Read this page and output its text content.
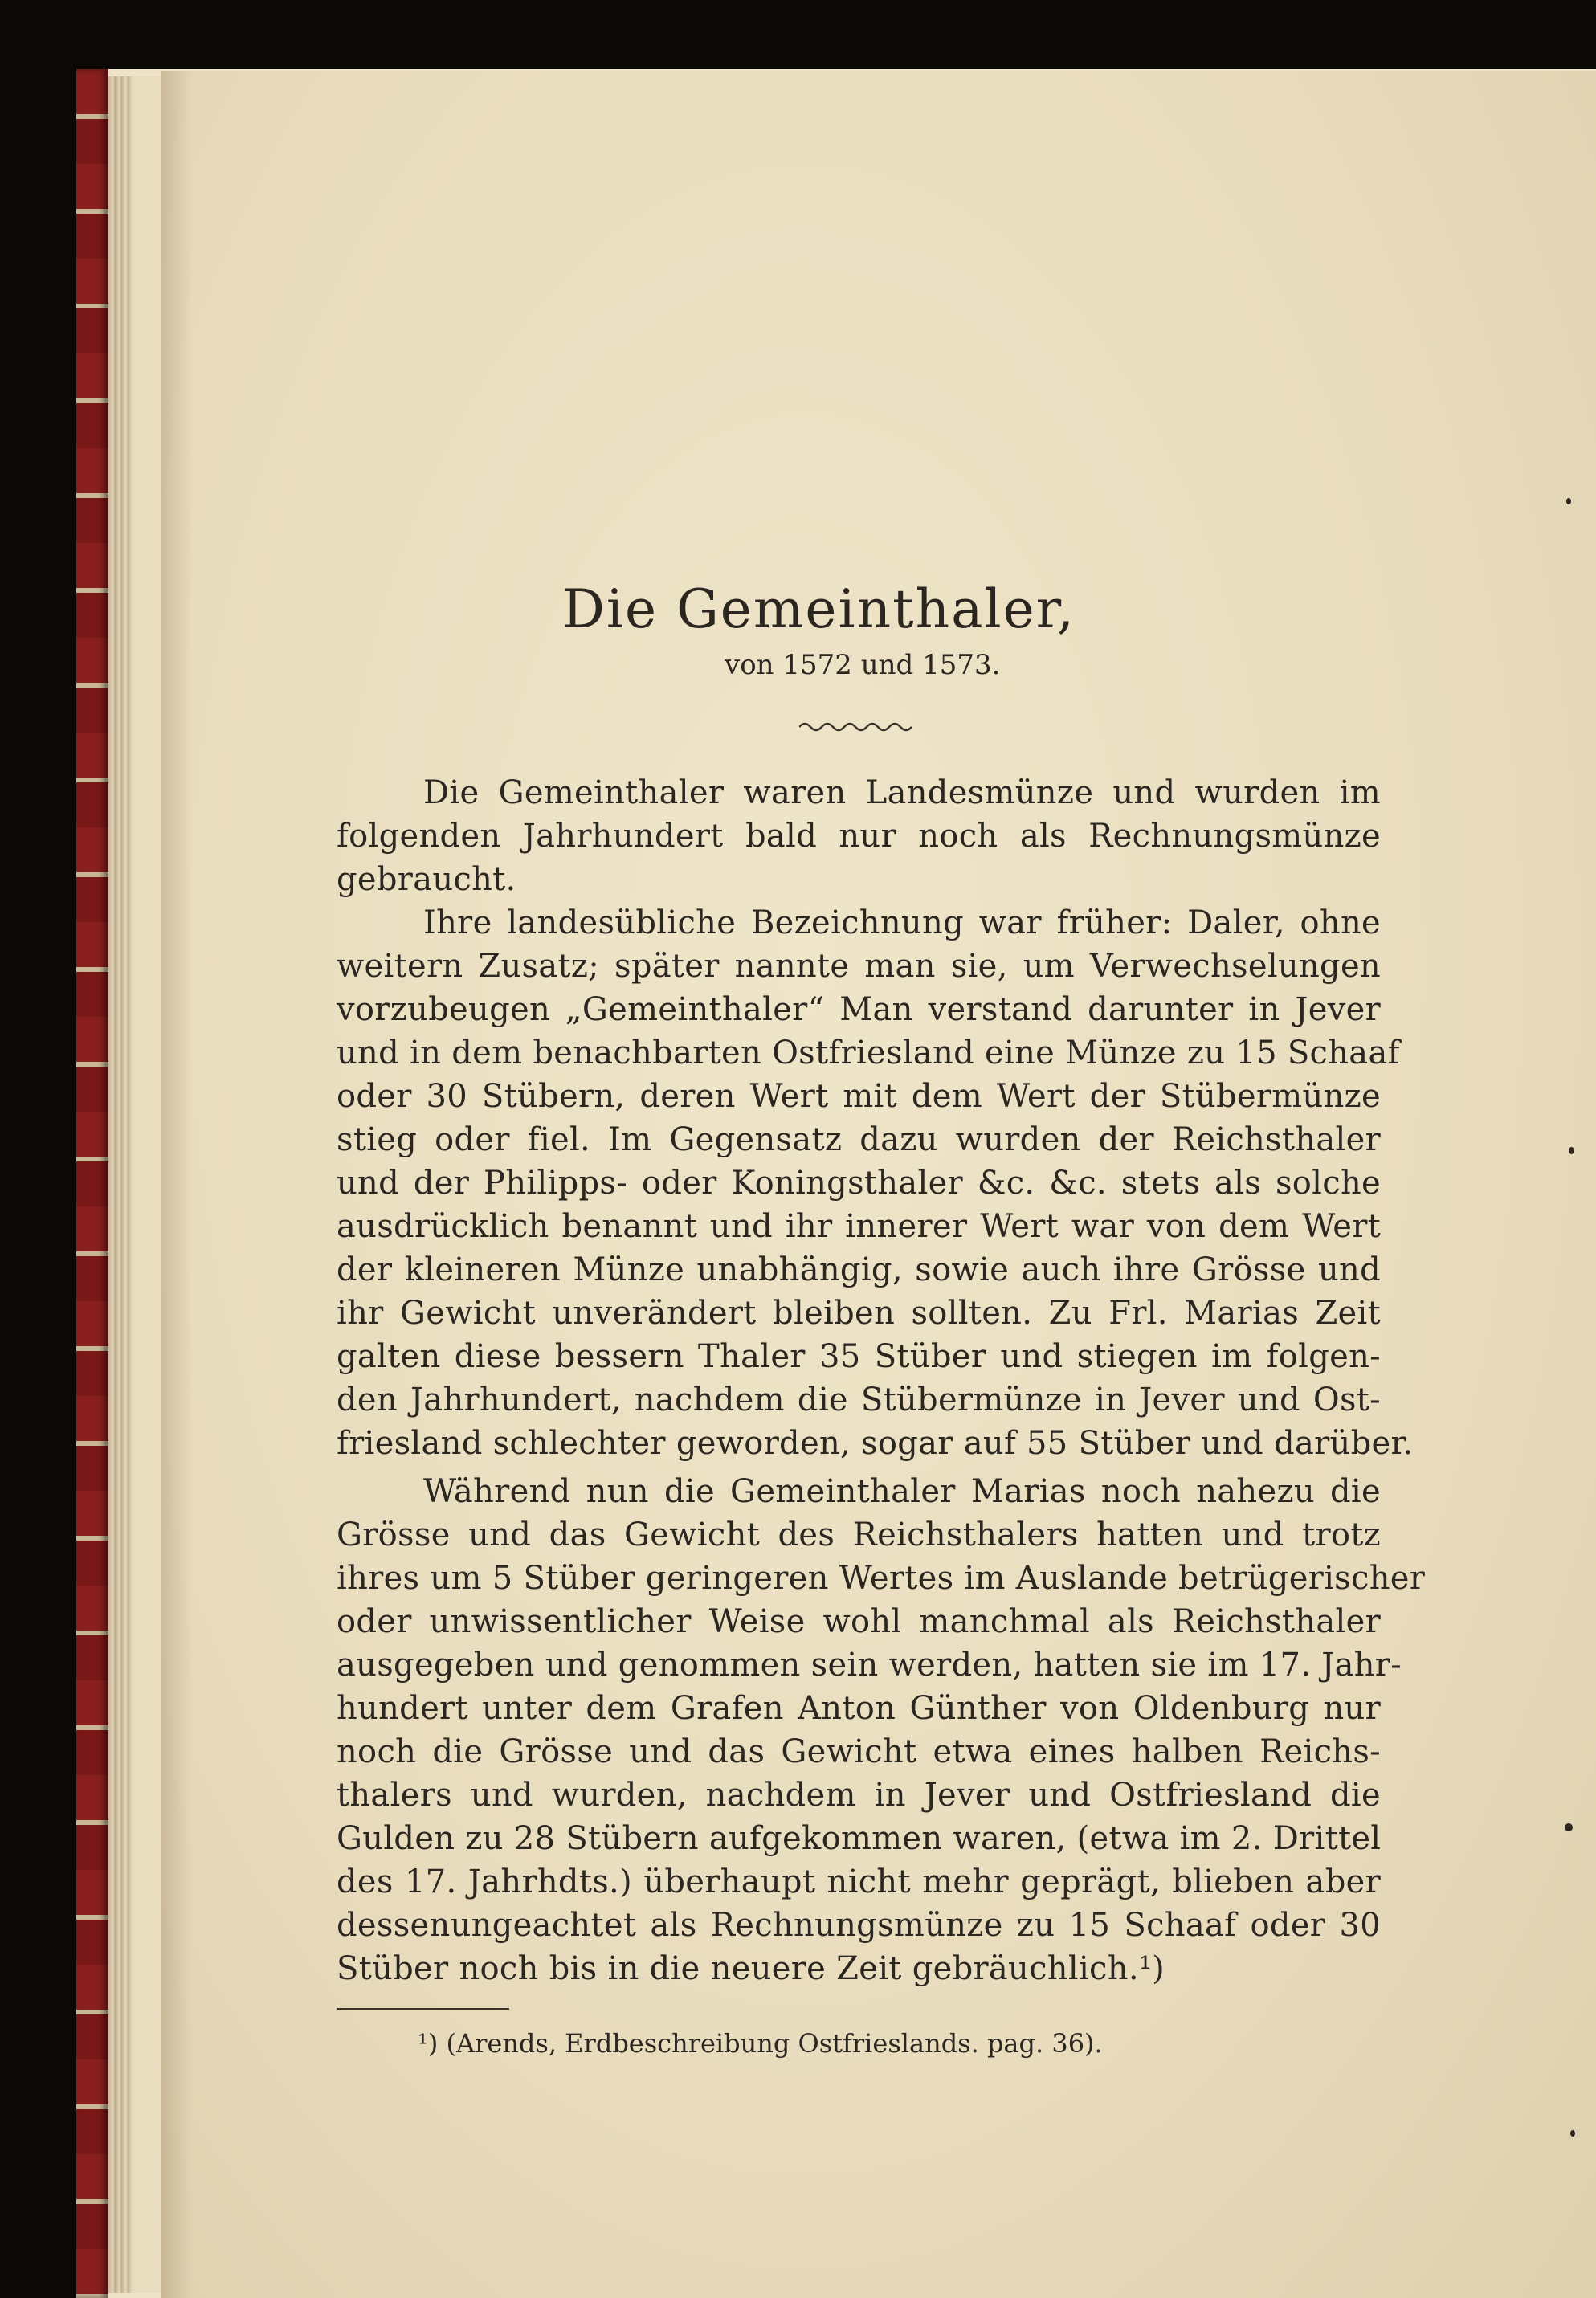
Die Gemeinthaler,
von 1572 und 1573.
Die Gemeinthaler waren Landesmünze und wurden im
folgenden Jahrhundert bald nur noch als Rechnungsmünze
gebraucht.
Ihre landesübliche Bezeichnung war früher: Daler, ohne
weitern Zusatz; später nannte man sie, um Verwechselungen
vorzubeugen „Gemeinthaler“ Man verstand darunter in Jever
und in dem benachbarten Ostfriesland eine Münze zu 15 Schaaf
oder 30 Stübern, deren Wert mit dem Wert der Stübermünze
stieg oder fiel. Im Gegensatz dazu wurden der Reichsthaler
und der Philipps- oder Koningsthaler &c. &c. stets als solche
ausdrücklich benannt und ihr innerer Wert war von dem Wert
der kleineren Münze unabhängig, sowie auch ihre Grösse und
ihr Gewicht unverändert bleiben sollten. Zu Frl. Marias Zeit
galten diese bessern Thaler 35 Stüber und stiegen im folgen-
den Jahrhundert, nachdem die Stübermünze in Jever und Ost-
friesland schlechter geworden, sogar auf 55 Stüber und darüber.
Während nun die Gemeinthaler Marias noch nahezu die
Grösse und das Gewicht des Reichsthalers hatten und trotz
ihres um 5 Stüber geringeren Wertes im Auslande betrügerischer
oder unwissentlicher Weise wohl manchmal als Reichsthaler
ausgegeben und genommen sein werden, hatten sie im 17. Jahr-
hundert unter dem Grafen Anton Günther von Oldenburg nur
noch die Grösse und das Gewicht etwa eines halben Reichs-
thalers und wurden, nachdem in Jever und Ostfriesland die
Gulden zu 28 Stübern aufgekommen waren, (etwa im 2. Drittel
des 17. Jahrhdts.) überhaupt nicht mehr geprägt, blieben aber
dessenungeachtet als Rechnungsmünze zu 15 Schaaf oder 30
Stüber noch bis in die neuere Zeit gebräuchlich.¹)
¹) (Arends, Erdbeschreibung Ostfrieslands. pag. 36).
